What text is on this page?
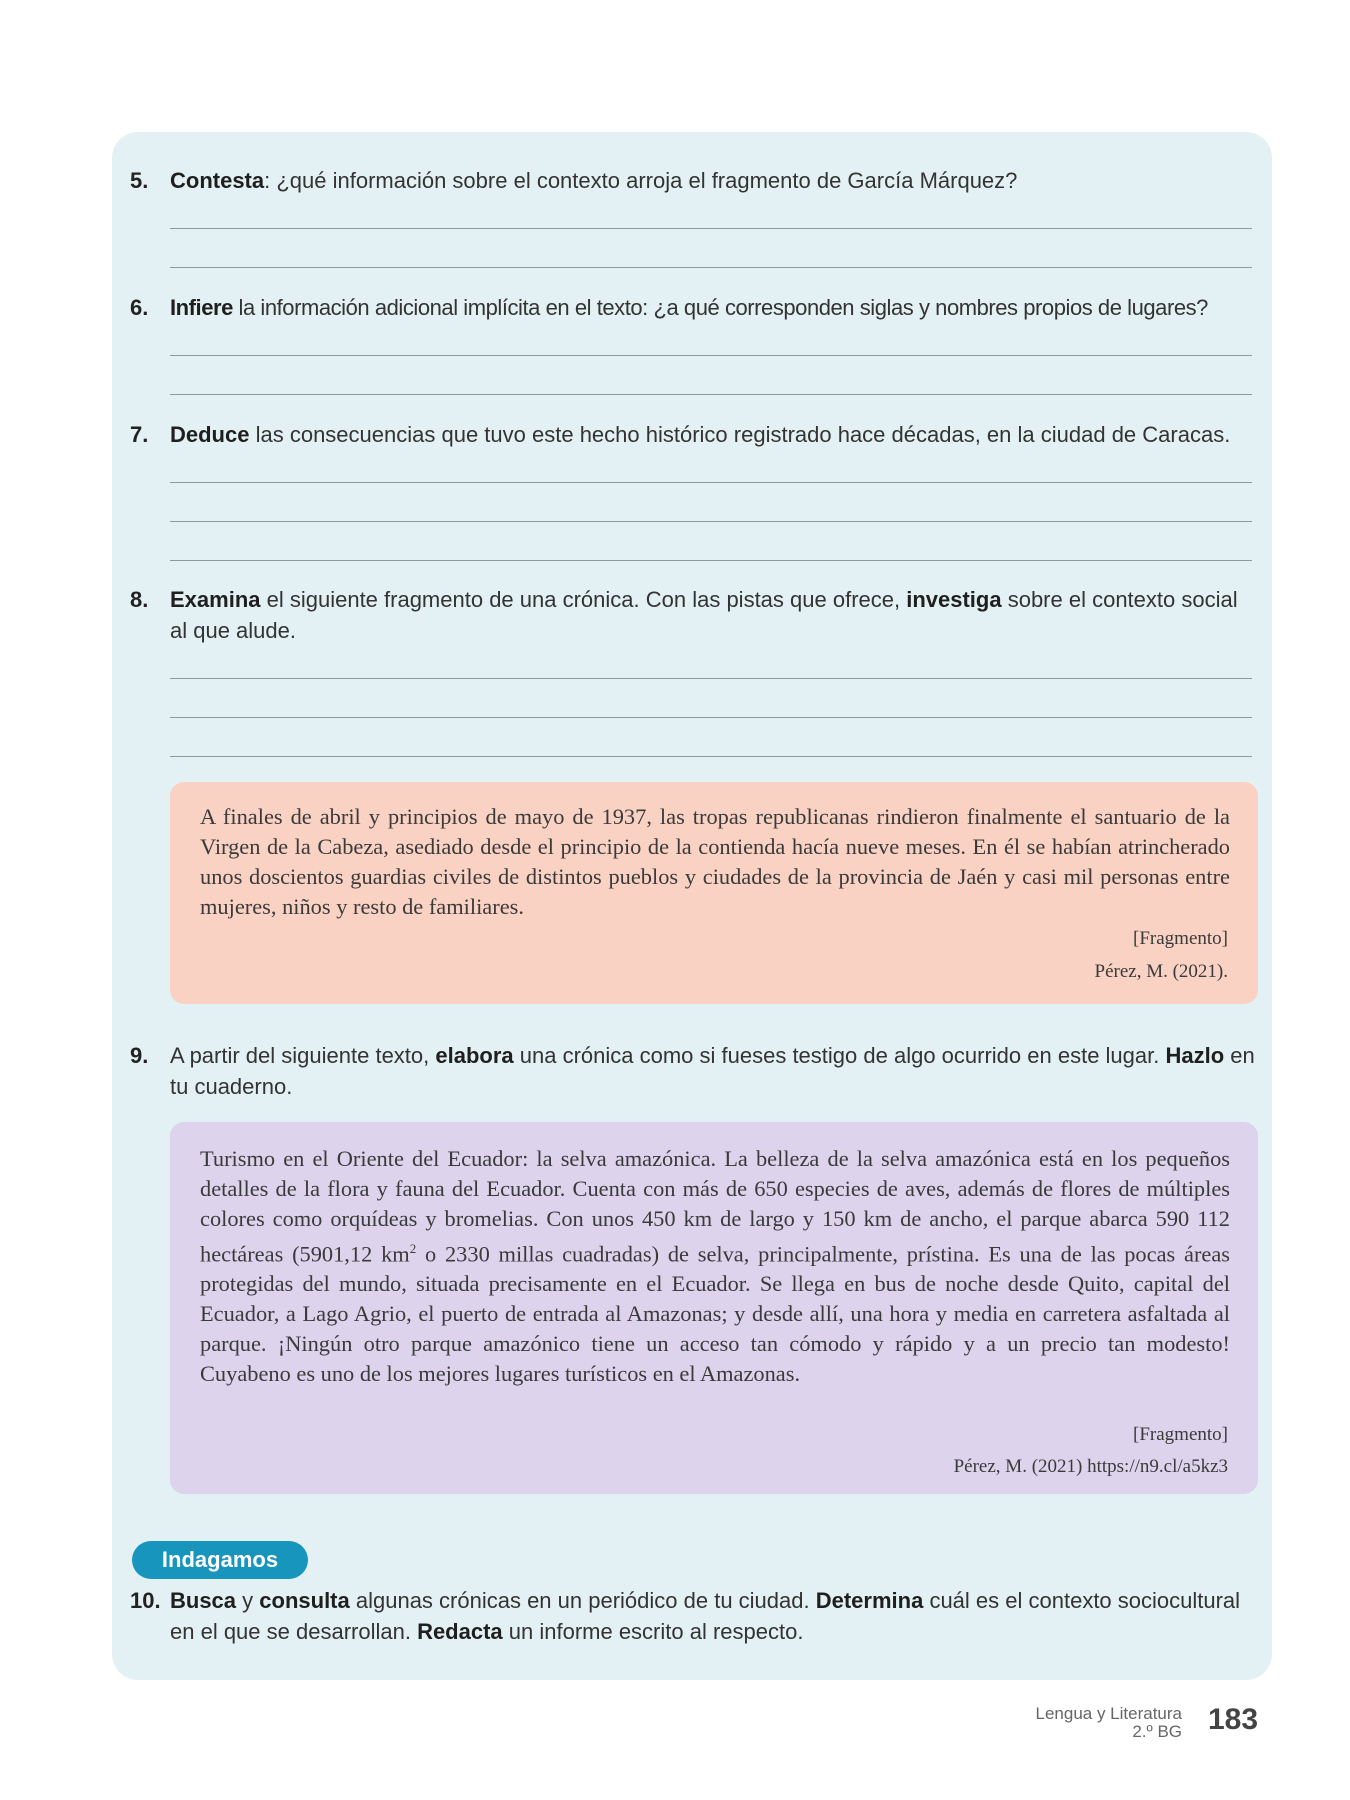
5. Contesta: ¿qué información sobre el contexto arroja el fragmento de García Márquez?
6. Infiere la información adicional implícita en el texto: ¿a qué corresponden siglas y nombres propios de lugares?
7. Deduce las consecuencias que tuvo este hecho histórico registrado hace décadas, en la ciudad de Caracas.
8. Examina el siguiente fragmento de una crónica. Con las pistas que ofrece, investiga sobre el contexto social al que alude.
A finales de abril y principios de mayo de 1937, las tropas republicanas rindieron finalmente el santuario de la Virgen de la Cabeza, asediado desde el principio de la contienda hacía nueve meses. En él se habían atrincherado unos doscientos guardias civiles de distintos pueblos y ciudades de la provincia de Jaén y casi mil personas entre mujeres, niños y resto de familiares.
[Fragmento]
Pérez, M. (2021).
9. A partir del siguiente texto, elabora una crónica como si fueses testigo de algo ocurrido en este lugar. Hazlo en tu cuaderno.
Turismo en el Oriente del Ecuador: la selva amazónica. La belleza de la selva amazónica está en los pequeños detalles de la flora y fauna del Ecuador. Cuenta con más de 650 especies de aves, además de flores de múltiples colores como orquídeas y bromelias. Con unos 450 km de largo y 150 km de ancho, el parque abarca 590 112 hectáreas (5901,12 $km^2$ o 2330 millas cuadradas) de selva, principalmente, prístina. Es una de las pocas áreas protegidas del mundo, situada precisamente en el Ecuador. Se llega en bus de noche desde Quito, capital del Ecuador, a Lago Agrio, el puerto de entrada al Amazonas; y desde allí, una hora y media en carretera asfaltada al parque. ¡Ningún otro parque amazónico tiene un acceso tan cómodo y rápido y a un precio tan modesto! Cuyabeno es uno de los mejores lugares turísticos en el Amazonas.
[Fragmento]
Pérez, M. (2021) https://n9.cl/a5kz3
Indagamos
10. Busca y consulta algunas crónicas en un periódico de tu ciudad. Determina cuál es el contexto sociocultural en el que se desarrollan. Redacta un informe escrito al respecto.
Lengua y Literatura
2.º BG 183
